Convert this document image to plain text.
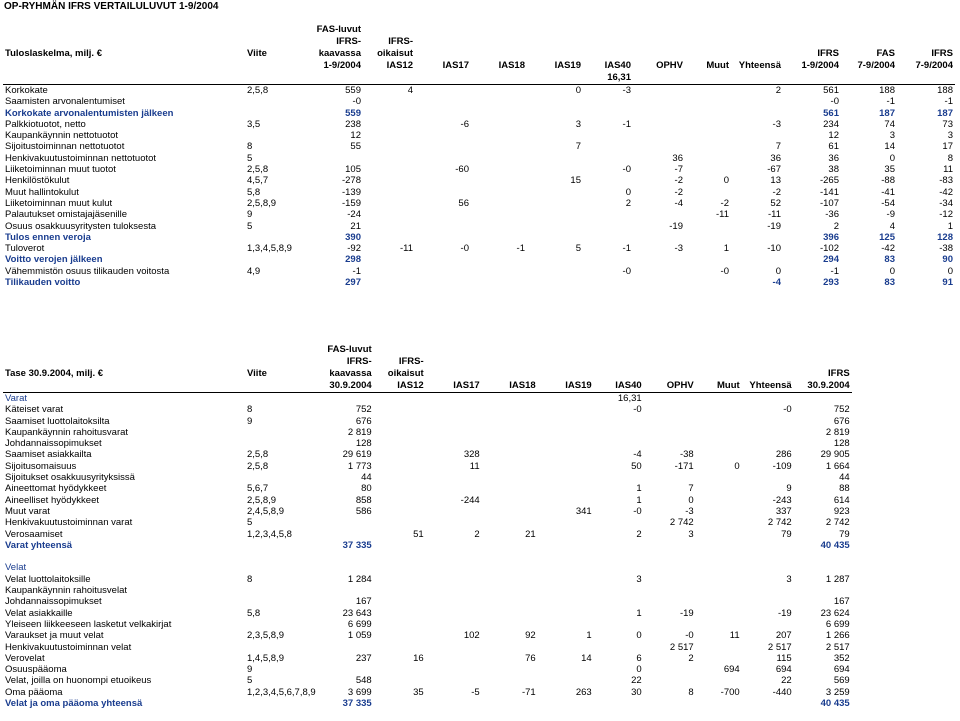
OP-RYHMÄN IFRS VERTAILULUVUT 1-9/2004
		FAS-luvut											
		IFRS-	IFRS-										
Tuloslaskelma, milj. €	Viite	kaavassa	oikaisut								IFRS	FAS	IFRS
		1-9/2004	IAS12	IAS17	IAS18	IAS19	IAS40	OPHV	Muut	Yhteensä	1-9/2004	7-9/2004	7-9/2004
							16,31						
Korkokate	2,5,8	559	4			0	-3			2	561	188	188
Saamisten arvonalentumiset		-0									-0	-1	-1
Korkokate arvonalentumisten jälkeen		559									561	187	187
Palkkiotuotot, netto	3,5	238		-6		3	-1			-3	234	74	73
Kaupankäynnin nettotuotot		12									12	3	3
Sijoitustoiminnan nettotuotot	8	55				7				7	61	14	17
Henkivakuutustoiminnan nettotuotot	5							36		36	36	0	8
Liiketoiminnan muut tuotot	2,5,8	105		-60			-0	-7		-67	38	35	11
Henkilöstökulut	4,5,7	-278				15		-2	0	13	-265	-88	-83
Muut hallintokulut	5,8	-139					0	-2		-2	-141	-41	-42
Liiketoiminnan muut kulut	2,5,8,9	-159		56			2	-4	-2	52	-107	-54	-34
Palautukset omistajajäsenille	9	-24							-11	-11	-36	-9	-12
Osuus osakkuusyritysten tuloksesta	5	21						-19		-19	2	4	1
Tulos ennen veroja		390									396	125	128
Tuloverot	1,3,4,5,8,9	-92	-11	-0	-1	5	-1	-3	1	-10	-102	-42	-38
Voitto verojen jälkeen		298									294	83	90
Vähemmistön osuus tilikauden voitosta	4,9	-1					-0		-0	0	-1	0	0
Tilikauden voitto		297								-4	293	83	91
		FAS-luvut									
		IFRS-	IFRS-								
Tase 30.9.2004, milj. €	Viite	kaavassa	oikaisut								IFRS
		30.9.2004	IAS12	IAS17	IAS18	IAS19	IAS40	OPHV	Muut	Yhteensä	30.9.2004
Varat							16,31				
Käteiset varat	8	752					-0			-0	752
Saamiset luottolaitoksilta	9	676									676
Kaupankäynnin rahoitusvarat		2 819									2 819
Johdannaissopimukset		128									128
Saamiset asiakkailta	2,5,8	29 619		328			-4	-38		286	29 905
Sijoitusomaisuus	2,5,8	1 773		11			50	-171	0	-109	1 664
Sijoitukset osakkuusyrityksissä		44									44
Aineettomat hyödykkeet	5,6,7	80					1	7		9	88
Aineelliset hyödykkeet	2,5,8,9	858		-244			1	0		-243	614
Muut varat	2,4,5,8,9	586				341	-0	-3		337	923
Henkivakuutustoiminnan varat	5							2 742		2 742	2 742
Verosaamiset	1,2,3,4,5,8		51	2	21		2	3		79	79
Varat yhteensä		37 335									40 435

Velat											
Velat luottolaitoksille	8	1 284					3			3	1 287
Kaupankäynnin rahoitusvelat											
Johdannaissopimukset		167									167
Velat asiakkaille	5,8	23 643					1	-19		-19	23 624
Yleiseen liikkeeseen lasketut velkakirjat		6 699									6 699
Varaukset ja muut velat	2,3,5,8,9	1 059		102	92	1	0	-0	11	207	1 266
Henkivakuutustoiminnan velat								2 517		2 517	2 517
Verovelat	1,4,5,8,9	237	16		76	14	6	2		115	352
Osuuspääoma	9						0		694	694	694
Velat, joilla on huonompi etuoikeus	5	548					22			22	569
Oma pääoma	1,2,3,4,5,6,7,8,9	3 699	35	-5	-71	263	30	8	-700	-440	3 259
Velat ja oma pääoma yhteensä		37 335									40 435
